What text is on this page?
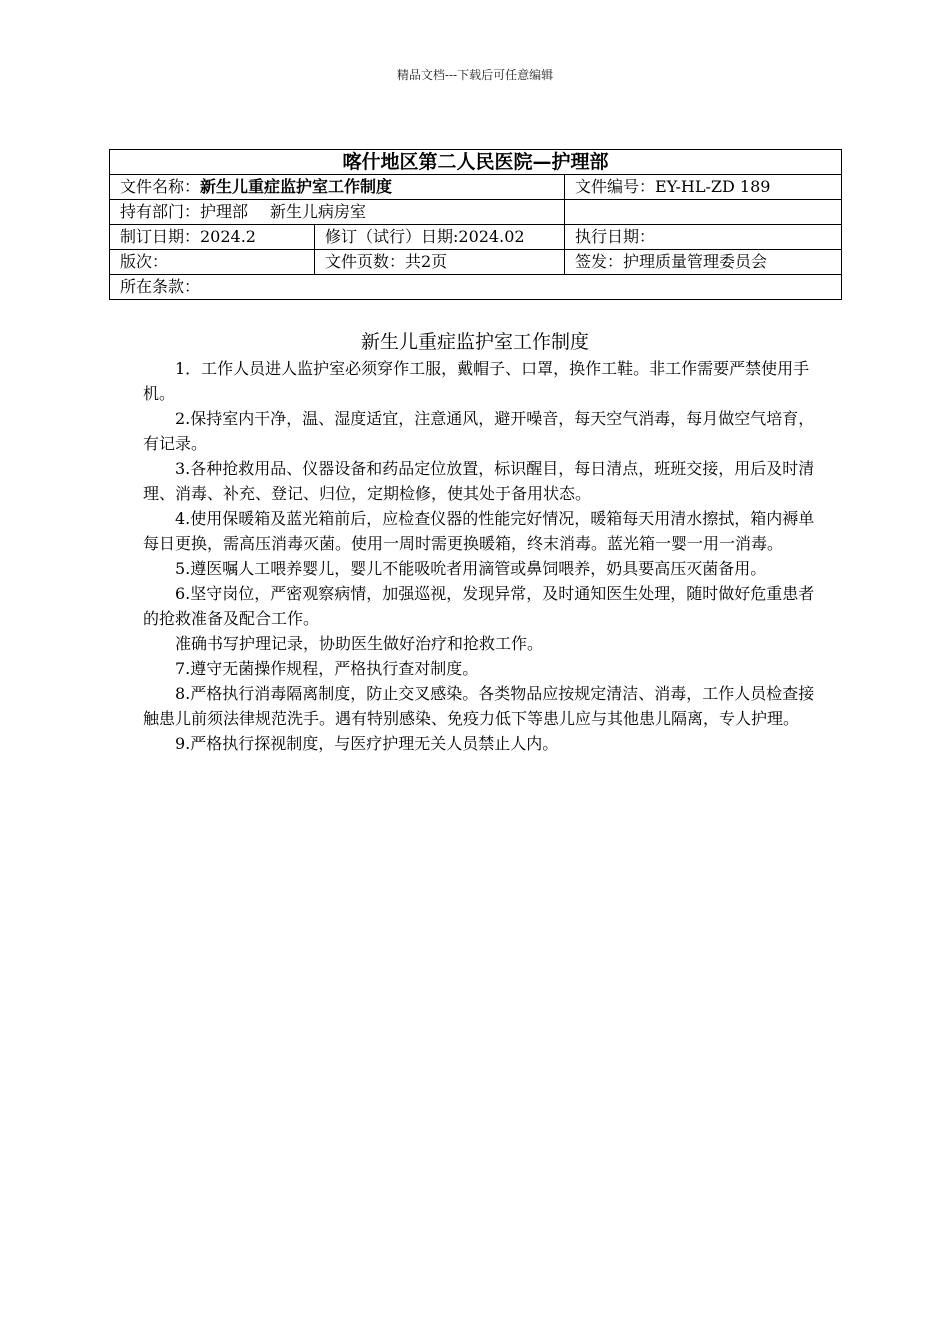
精品文档---下载后可任意编辑
喀什地区第二人民医院—护理部		
文件名称：新生儿重症监护室工作制度		文件编号：EY-HL-ZD 189
持有部门：护理部 新生儿病房室		
制订日期：2024.2	修订（试行）日期:2024.02	执行日期：
版次：	文件页数：共2页	签发：护理质量管理委员会
所在条款：		
新生儿重症监护室工作制度

1．工作人员进人监护室必须穿作工服，戴帽子、口罩，换作工鞋。非工作需要严禁使用手机。

2.保持室内干净，温、湿度适宜，注意通风，避开噪音，每天空气消毒，每月做空气培育，有记录。

3.各种抢救用品、仪器设备和药品定位放置，标识醒目，每日清点，班班交接，用后及时清理、消毒、补充、登记、归位，定期检修，使其处于备用状态。

4.使用保暖箱及蓝光箱前后，应检查仪器的性能完好情况，暖箱每天用清水擦拭，箱内褥单每日更换，需高压消毒灭菌。使用一周时需更换暖箱，终末消毒。蓝光箱一婴一用一消毒。

5.遵医嘱人工喂养婴儿，婴儿不能吸吮者用滴管或鼻饲喂养，奶具要高压灭菌备用。

6.坚守岗位，严密观察病情，加强巡视，发现异常，及时通知医生处理，随时做好危重患者的抢救准备及配合工作。

准确书写护理记录，协助医生做好治疗和抢救工作。

7.遵守无菌操作规程，严格执行查对制度。

8.严格执行消毒隔离制度，防止交叉感染。各类物品应按规定清洁、消毒，工作人员检查接触患儿前须法律规范洗手。遇有特别感染、免疫力低下等患儿应与其他患儿隔离，专人护理。

9.严格执行探视制度，与医疗护理无关人员禁止人内。
